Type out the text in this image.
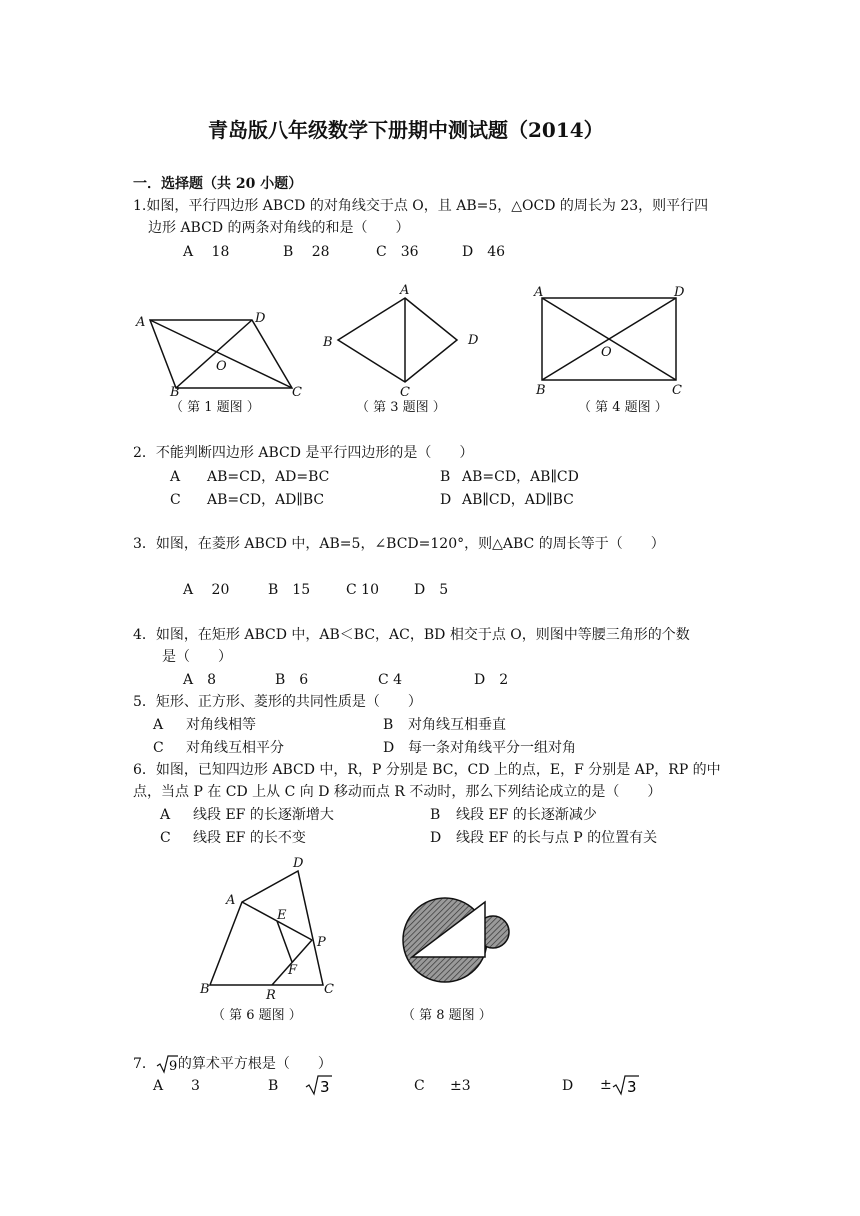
青岛版八年级数学下册期中测试题（2014）
一．选择题（共 20 小题）
1.如图，平行四边形 ABCD 的对角线交于点 O，且 AB=5，△OCD 的周长为 23，则平行四
边形 ABCD 的两条对角线的和是（　　）
A　 18	B　 28	C　36	D　46
A	D
O
B	C
（ 第 1 题图 ）
A
B	D
C
（ 第 3 题图 ）
A	D
O
B	C
（ 第 4 题图 ）
2．不能判断四边形 ABCD 是平行四边形的是（　　）
A AB=CD，AD=BC	B AB=CD，AB∥CD
C AB=CD，AD∥BC	D AB∥CD，AD∥BC
3．如图，在菱形 ABCD 中，AB=5，∠BCD=120°，则△ABC 的周长等于（　　）
A　 20	B　15	C 10	D　5
4．如图，在矩形 ABCD 中，AB＜BC，AC，BD 相交于点 O，则图中等腰三角形的个数
是（　　）
A　8	B　6	C 4	D　2
5．矩形、正方形、菱形的共同性质是（　　）
A 对角线相等	B 对角线互相垂直
C 对角线互相平分	D 每一条对角线平分一组对角
6．如图，已知四边形 ABCD 中，R，P 分别是 BC，CD 上的点，E，F 分别是 AP，RP 的中
点，当点 P 在 CD 上从 C 向 D 移动而点 R 不动时，那么下列结论成立的是（　　）
A 线段 EF 的长逐渐增大	B 线段 EF 的长逐渐减少
C 线段 EF 的长不变	D 线段 EF 的长与点 P 的位置有关
A
D
E
P
F
B	R	C
（ 第 6 题图 ）	（ 第 8 题图 ）
7． 9 的算术平方根是（　　）
A 3	B	3	C ±3	D ± 3
